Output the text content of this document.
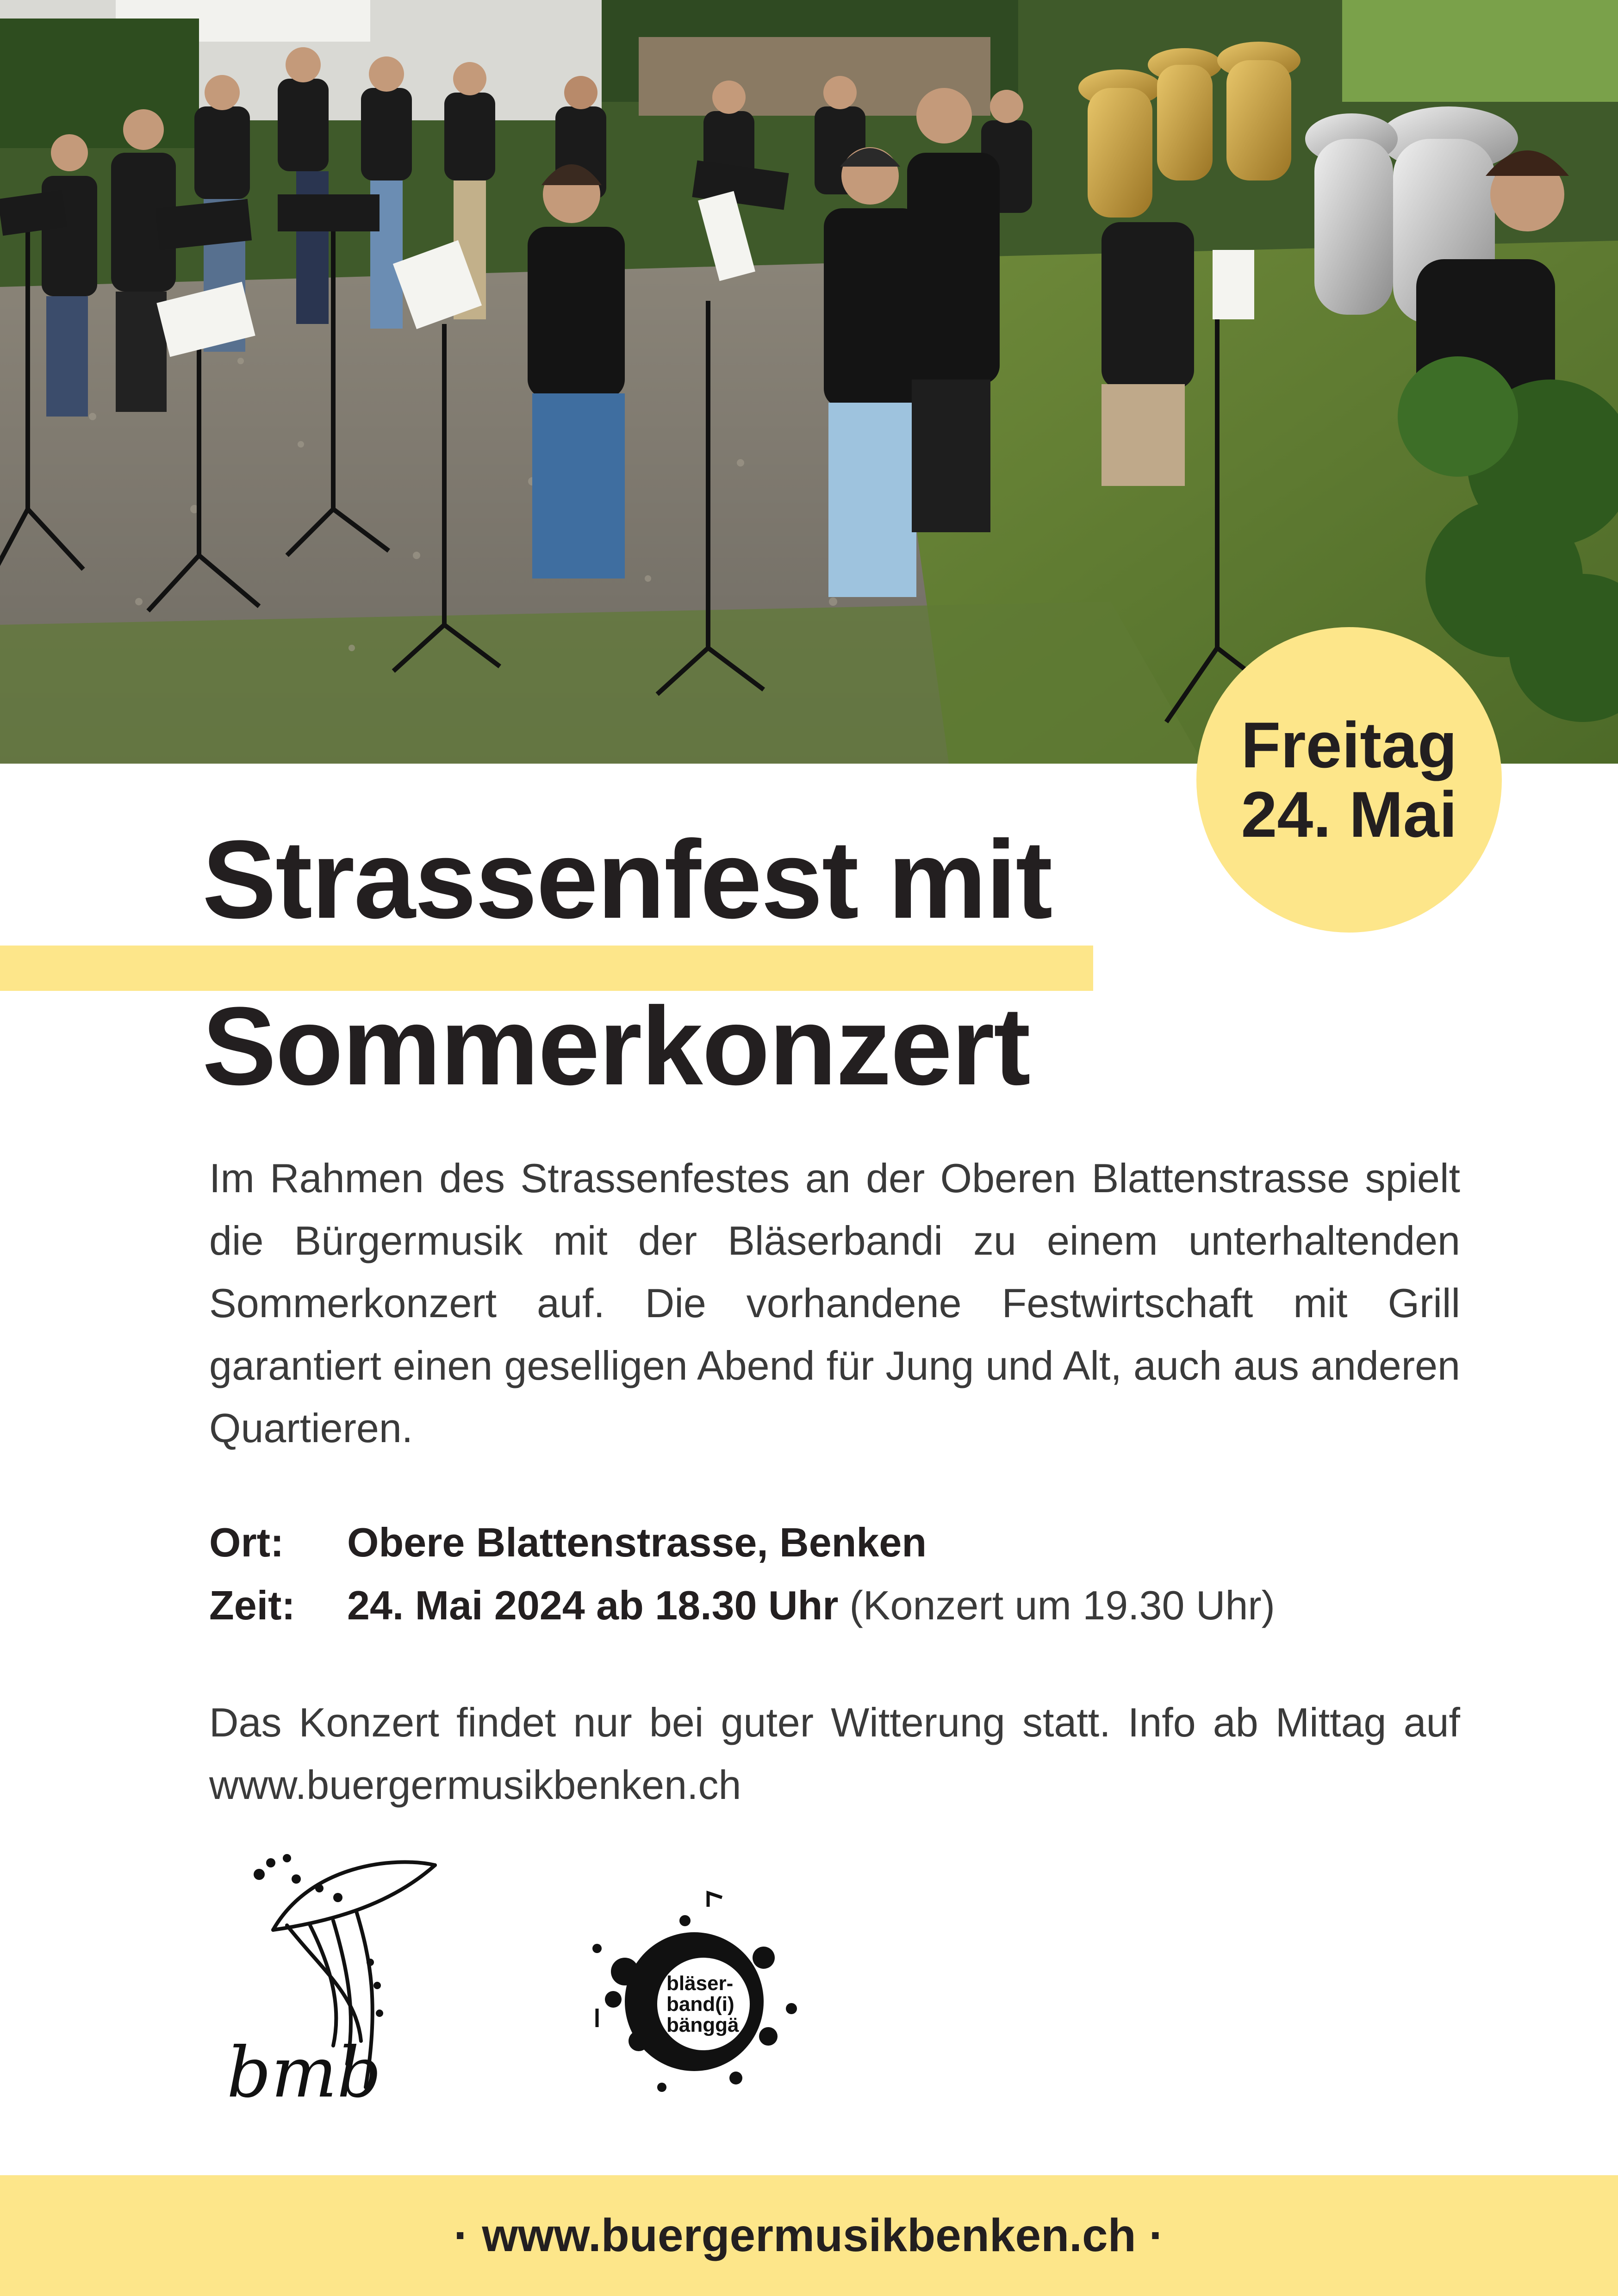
Freitag
24. Mai
Strassenfest mit
Sommerkonzert
Im Rahmen des Strassenfestes an der Oberen Blattenstrasse spielt die Bürgermusik mit der Bläserbandi zu einem unterhaltenden Sommerkonzert auf. Die vorhandene Festwirtschaft mit Grill garantiert einen geselligen Abend für Jung und Alt, auch aus anderen Quartieren.
Ort:	Obere Blattenstrasse, Benken
Zeit:	24. Mai 2024 ab 18.30 Uhr (Konzert um 19.30 Uhr)
Das Konzert findet nur bei guter Witterung statt. Info ab Mittag auf www.buergermusikbenken.ch
bmb
bläser-
band(i)
bänggä
· www.buergermusikbenken.ch ·
